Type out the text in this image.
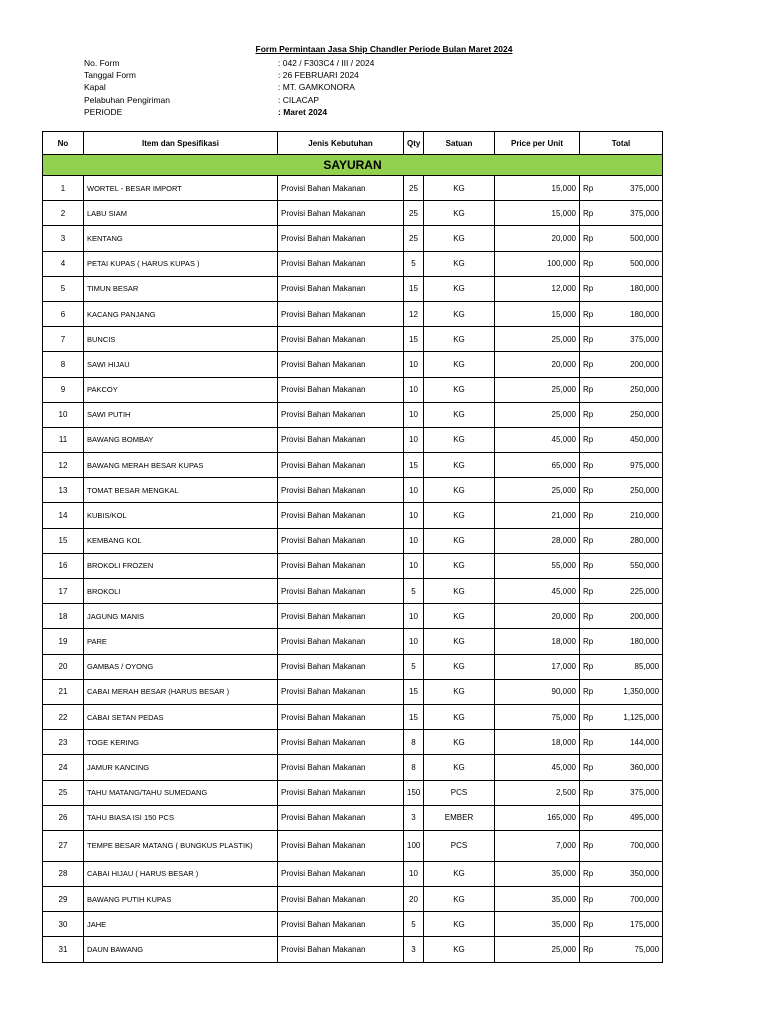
Form Permintaan Jasa Ship Chandler Periode Bulan Maret 2024
No. Form	: 042 / F303C4 / III / 2024
Tanggal Form	: 26 FEBRUARI 2024
Kapal	: MT. GAMKONORA
Pelabuhan Pengiriman	: CILACAP
PERIODE	: Maret 2024
No	Item dan Spesifikasi	Jenis Kebutuhan	Qty	Satuan	Price per Unit	Total	
SAYURAN							
1	WORTEL - BESAR IMPORT	Provisi Bahan Makanan	25	KG	15,000	Rp	375,000
2	LABU SIAM	Provisi Bahan Makanan	25	KG	15,000	Rp	375,000
3	KENTANG	Provisi Bahan Makanan	25	KG	20,000	Rp	500,000
4	PETAI KUPAS ( HARUS KUPAS )	Provisi Bahan Makanan	5	KG	100,000	Rp	500,000
5	TIMUN BESAR	Provisi Bahan Makanan	15	KG	12,000	Rp	180,000
6	KACANG PANJANG	Provisi Bahan Makanan	12	KG	15,000	Rp	180,000
7	BUNCIS	Provisi Bahan Makanan	15	KG	25,000	Rp	375,000
8	SAWI HIJAU	Provisi Bahan Makanan	10	KG	20,000	Rp	200,000
9	PAKCOY	Provisi Bahan Makanan	10	KG	25,000	Rp	250,000
10	SAWI PUTIH	Provisi Bahan Makanan	10	KG	25,000	Rp	250,000
11	BAWANG BOMBAY	Provisi Bahan Makanan	10	KG	45,000	Rp	450,000
12	BAWANG MERAH BESAR KUPAS	Provisi Bahan Makanan	15	KG	65,000	Rp	975,000
13	TOMAT BESAR MENGKAL	Provisi Bahan Makanan	10	KG	25,000	Rp	250,000
14	KUBIS/KOL	Provisi Bahan Makanan	10	KG	21,000	Rp	210,000
15	KEMBANG KOL	Provisi Bahan Makanan	10	KG	28,000	Rp	280,000
16	BROKOLI FROZEN	Provisi Bahan Makanan	10	KG	55,000	Rp	550,000
17	BROKOLI	Provisi Bahan Makanan	5	KG	45,000	Rp	225,000
18	JAGUNG MANIS	Provisi Bahan Makanan	10	KG	20,000	Rp	200,000
19	PARE	Provisi Bahan Makanan	10	KG	18,000	Rp	180,000
20	GAMBAS / OYONG	Provisi Bahan Makanan	5	KG	17,000	Rp	85,000
21	CABAI MERAH BESAR (HARUS BESAR )	Provisi Bahan Makanan	15	KG	90,000	Rp	1,350,000
22	CABAI SETAN PEDAS	Provisi Bahan Makanan	15	KG	75,000	Rp	1,125,000
23	TOGE KERING	Provisi Bahan Makanan	8	KG	18,000	Rp	144,000
24	JAMUR KANCING	Provisi Bahan Makanan	8	KG	45,000	Rp	360,000
25	TAHU MATANG/TAHU SUMEDANG	Provisi Bahan Makanan	150	PCS	2,500	Rp	375,000
26	TAHU BIASA ISI 150 PCS	Provisi Bahan Makanan	3	EMBER	165,000	Rp	495,000
27	TEMPE BESAR MATANG ( BUNGKUS PLASTIK)	Provisi Bahan Makanan	100	PCS	7,000	Rp	700,000
28	CABAI HIJAU ( HARUS BESAR )	Provisi Bahan Makanan	10	KG	35,000	Rp	350,000
29	BAWANG PUTIH KUPAS	Provisi Bahan Makanan	20	KG	35,000	Rp	700,000
30	JAHE	Provisi Bahan Makanan	5	KG	35,000	Rp	175,000
31	DAUN BAWANG	Provisi Bahan Makanan	3	KG	25,000	Rp	75,000
